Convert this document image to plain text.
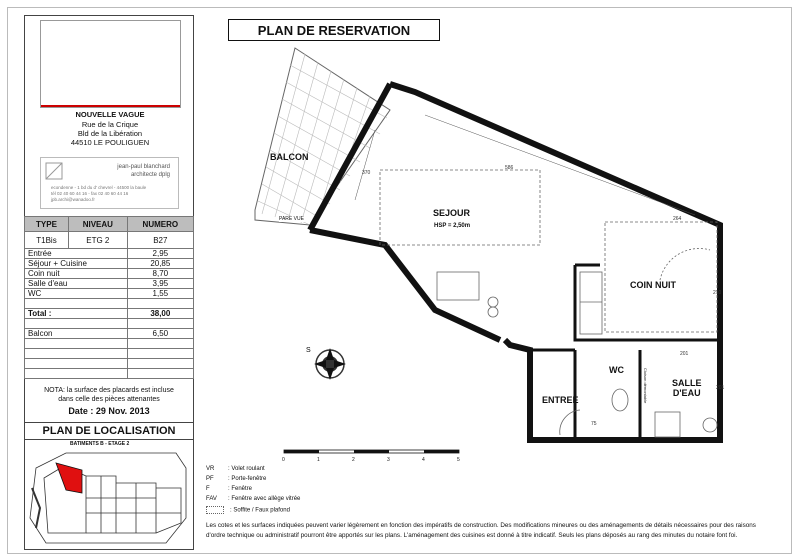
NOUVELLE VAGUE
Rue de la Crique
Bld de la Libération
44510 LE POULIGUEN
jean-paul blanchard
architecte dplg
econdenne - 1 bd du d' chevrel - 44500 la baule
tél 02 40 60 44 16 - fax 02 40 60 44 16
jpb.archi@wanadoo.fr
TYPE	NIVEAU	NUMERO
T1Bis	ETG 2	B27
Entrée		2,95
Séjour + Cuisine		20,85
Coin nuit		8,70
Salle d'eau		3,95
WC		1,55

Total :		38,00

Balcon		6,50

NOTA: la surface des placards est incluse
dans celle des pièces attenantes
Date : 29 Nov. 2013
PLAN DE LOCALISATION
BATIMENTS B - ETAGE 2
PLAN DE RESERVATION
BALCON
PARE VUE
SEJOUR
HSP = 2,50m
COIN NUIT
WC
SALLE
D'EAU
ENTREE	Cloison démontable
586
370
264
210
201
201
75
S
0	1	2	3	4	5
VR : Volet roulant
PF : Porte-fenêtre
F	: Fenêtre
FAV : Fenêtre avec allège vitrée
: Soffite / Faux plafond
Les cotes et les surfaces indiquées peuvent varier légèrement en fonction des impératifs de construction. Des modifications mineures ou des aménagements de détails nécessaires pour des raisons
d'ordre technique ou administratif pourront être apportés sur les plans. L'aménagement des cuisines est donné à titre indicatif. Seuls les plans déposés au rang des minutes du notaire font foi.
